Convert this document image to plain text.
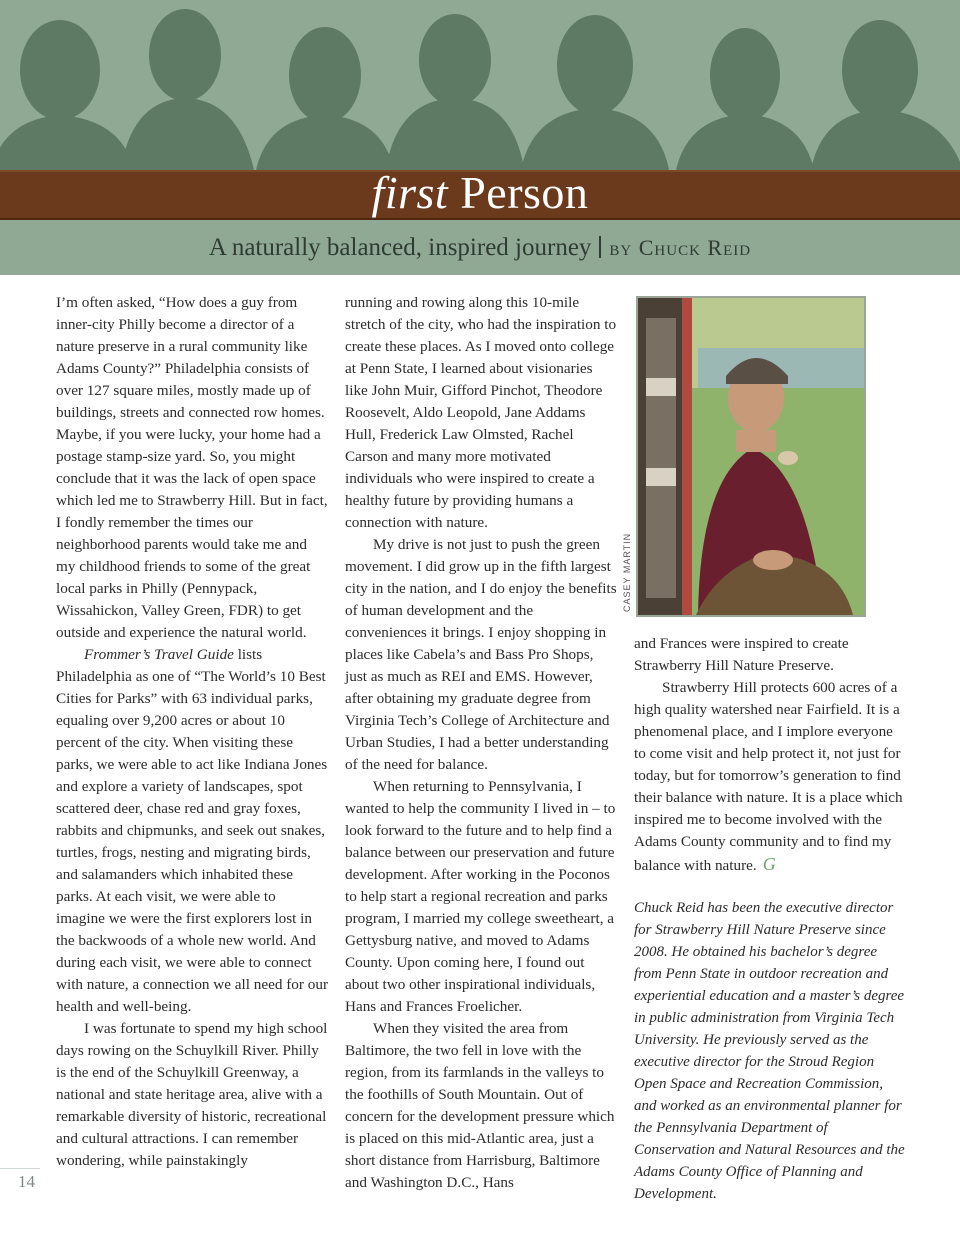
first Person
A naturally balanced, inspired journey by Chuck Reid

I’m often asked, “How does a guy from inner-city Philly become a director of a nature preserve in a rural community like Adams County?” Philadelphia consists of over 127 square miles, mostly made up of buildings, streets and connected row homes. Maybe, if you were lucky, your home had a postage stamp-size yard. So, you might conclude that it was the lack of open space which led me to Strawberry Hill. But in fact, I fondly remember the times our neighborhood parents would take me and my childhood friends to some of the great local parks in Philly (Pennypack, Wissahickon, Valley Green, FDR) to get outside and experience the natural world.

Frommer’s Travel Guide lists Philadelphia as one of “The World’s 10 Best Cities for Parks” with 63 individual parks, equaling over 9,200 acres or about 10 percent of the city. When visiting these parks, we were able to act like Indiana Jones and explore a variety of landscapes, spot scattered deer, chase red and gray foxes, rabbits and chipmunks, and seek out snakes, turtles, frogs, nesting and migrating birds, and salamanders which inhabited these parks. At each visit, we were able to imagine we were the first explorers lost in the backwoods of a whole new world. And during each visit, we were able to connect with nature, a connection we all need for our health and well-being.

I was fortunate to spend my high school days rowing on the Schuylkill River. Philly is the end of the Schuylkill Greenway, a national and state heritage area, alive with a remarkable diversity of historic, recreational and cultural attractions. I can remember wondering, while painstakingly

running and rowing along this 10-mile stretch of the city, who had the inspiration to create these places. As I moved onto college at Penn State, I learned about visionaries like John Muir, Gifford Pinchot, Theodore Roosevelt, Aldo Leopold, Jane Addams Hull, Frederick Law Olmsted, Rachel Carson and many more motivated individuals who were inspired to create a healthy future by providing humans a connection with nature.

My drive is not just to push the green movement. I did grow up in the fifth largest city in the nation, and I do enjoy the benefits of human development and the conveniences it brings. I enjoy shopping in places like Cabela’s and Bass Pro Shops, just as much as REI and EMS. However, after obtaining my graduate degree from Virginia Tech’s College of Architecture and Urban Studies, I had a better understanding of the need for balance.

When returning to Pennsylvania, I wanted to help the community I lived in – to look forward to the future and to help find a balance between our preservation and future development. After working in the Poconos to help start a regional recreation and parks program, I married my college sweetheart, a Gettysburg native, and moved to Adams County. Upon coming here, I found out about two other inspirational individuals, Hans and Frances Froelicher.

When they visited the area from Baltimore, the two fell in love with the region, from its farmlands in the valleys to the foothills of South Mountain. Out of concern for the development pressure which is placed on this mid-Atlantic area, just a short distance from Harrisburg, Baltimore and Washington D.C., Hans

CASEY MARTIN

and Frances were inspired to create Strawberry Hill Nature Preserve.

Strawberry Hill protects 600 acres of a high quality watershed near Fairfield. It is a phenomenal place, and I implore everyone to come visit and help protect it, not just for today, but for tomorrow’s generation to find their balance with nature. It is a place which inspired me to become involved with the Adams County community and to find my balance with nature. G

Chuck Reid has been the executive director for Strawberry Hill Nature Preserve since 2008. He obtained his bachelor’s degree from Penn State in outdoor recreation and experiential education and a master’s degree in public administration from Virginia Tech University. He previously served as the executive director for the Stroud Region Open Space and Recreation Commission, and worked as an environmental planner for the Pennsylvania Department of Conservation and Natural Resources and the Adams County Office of Planning and Development.
14
